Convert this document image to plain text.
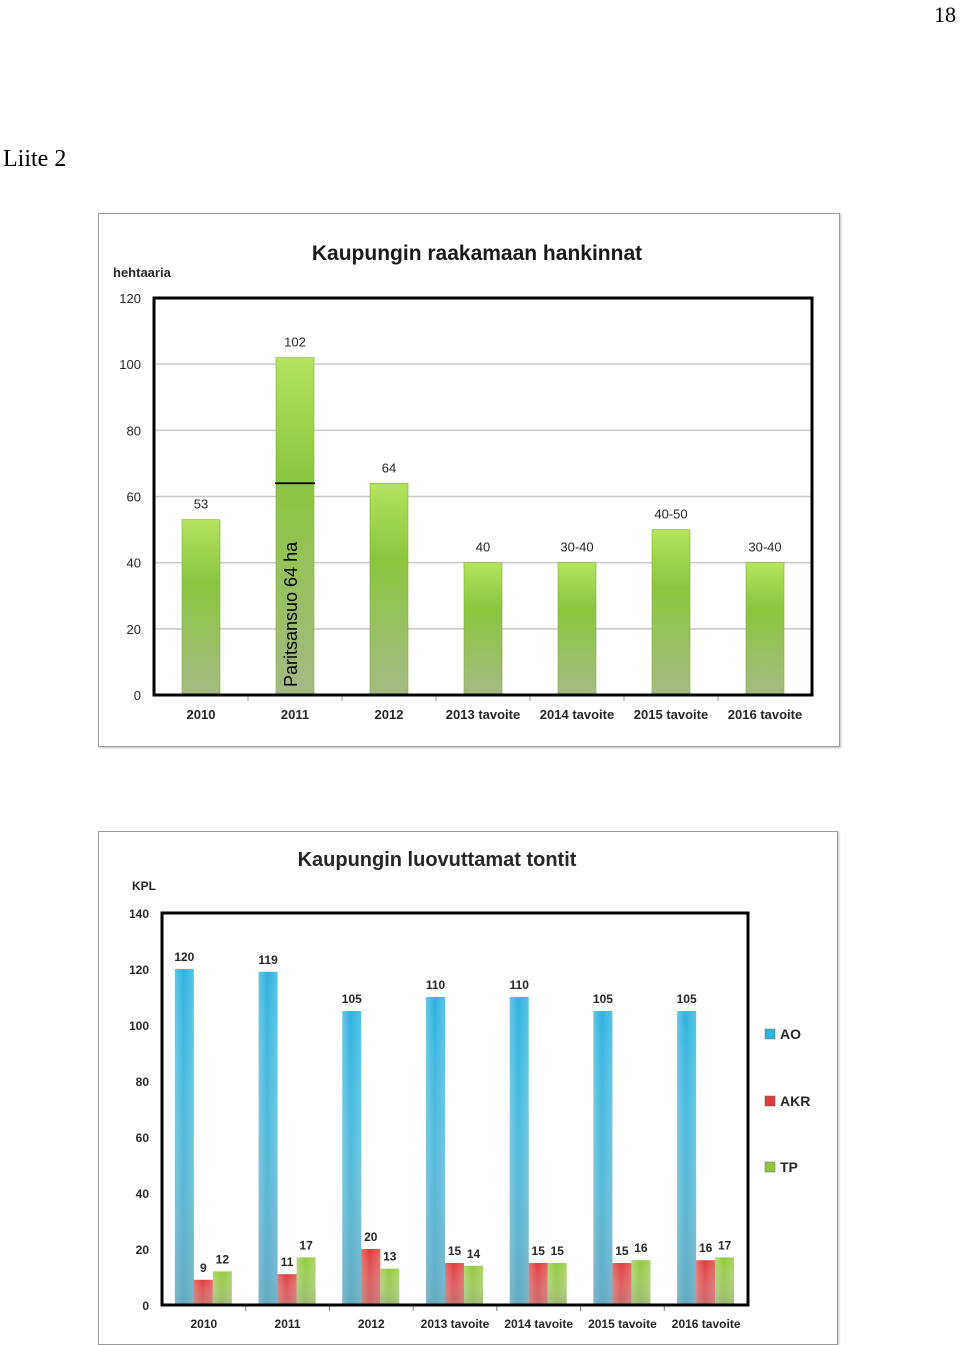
18
Liite 2
Kaupungin raakamaan hankinnat
hehtaaria
0
20
40
60
80
100
120
53
2010
102
2011
64
2012
40
2013 tavoite
30-40
2014 tavoite
40-50
2015 tavoite
30-40
2016 tavoite
Paritsansuo 64 ha
Kaupungin luovuttamat tontit
KPL
0
20
40
60
80
100
120
140
120
9
12
2010
119
11
17
2011
105
20
13
2012
110
15 14
2013 tavoite
110
15 15
2014 tavoite
105
15 16
2015 tavoite
105
16 17
2016 tavoite
AO
AKR
TP
